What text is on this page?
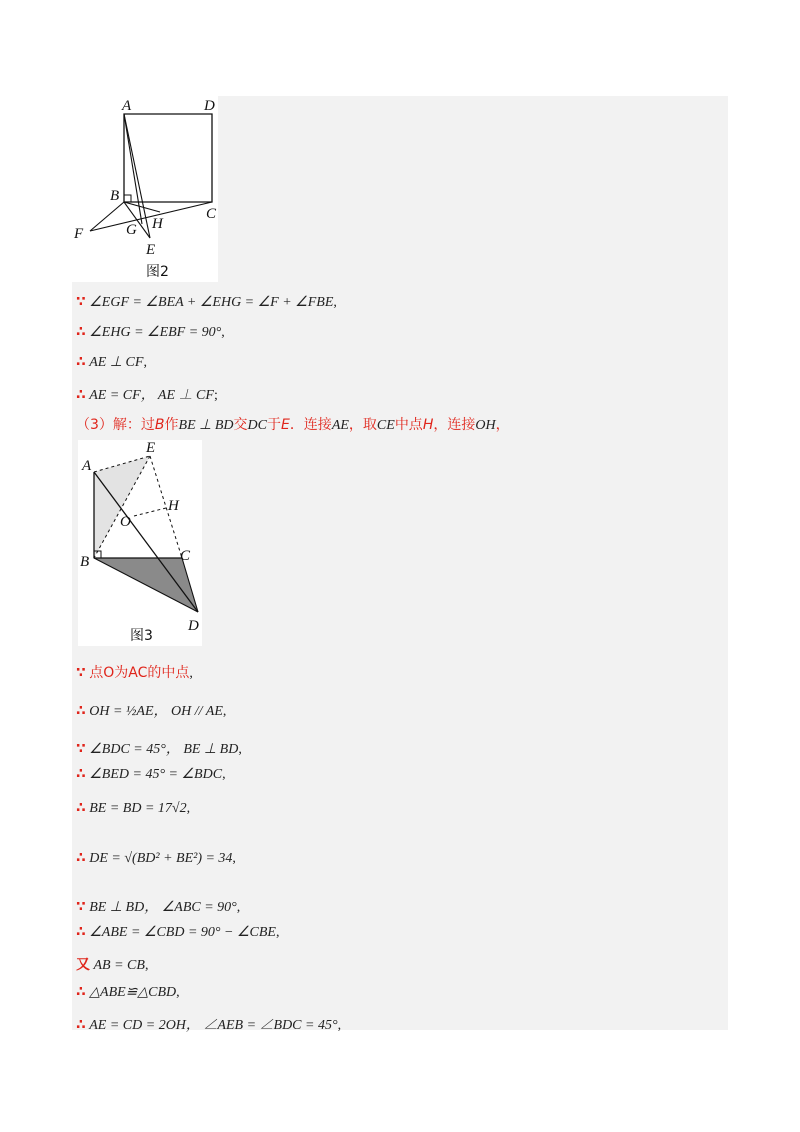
A	D
B
C
F	G H
E
图2
∵ ∠EGF = ∠BEA + ∠EHG = ∠F + ∠FBE,
∴ ∠EHG = ∠EBF = 90°,
∴ AE ⊥ CF,
∴ AE = CF， AE ⊥ CF;
（3）解：过B作BE ⊥ BD交DC于E．连接AE，取CE中点H，连接OH，
A
E
H
O
B	C
D
图3
∵ 点O为AC的中点,
∴ OH = ½AE， OH // AE,
∵ ∠BDC = 45°， BE ⊥ BD,
∴ ∠BED = 45° = ∠BDC,
∴ BE = BD = 17√2,
∴ DE = √(BD² + BE²) = 34,
∵ BE ⊥ BD， ∠ABC = 90°,
∴ ∠ABE = ∠CBD = 90° − ∠CBE,
又 AB = CB,
∴ △ABE≌△CBD,
∴ AE = CD = 2OH， ∠AEB = ∠BDC = 45°,
